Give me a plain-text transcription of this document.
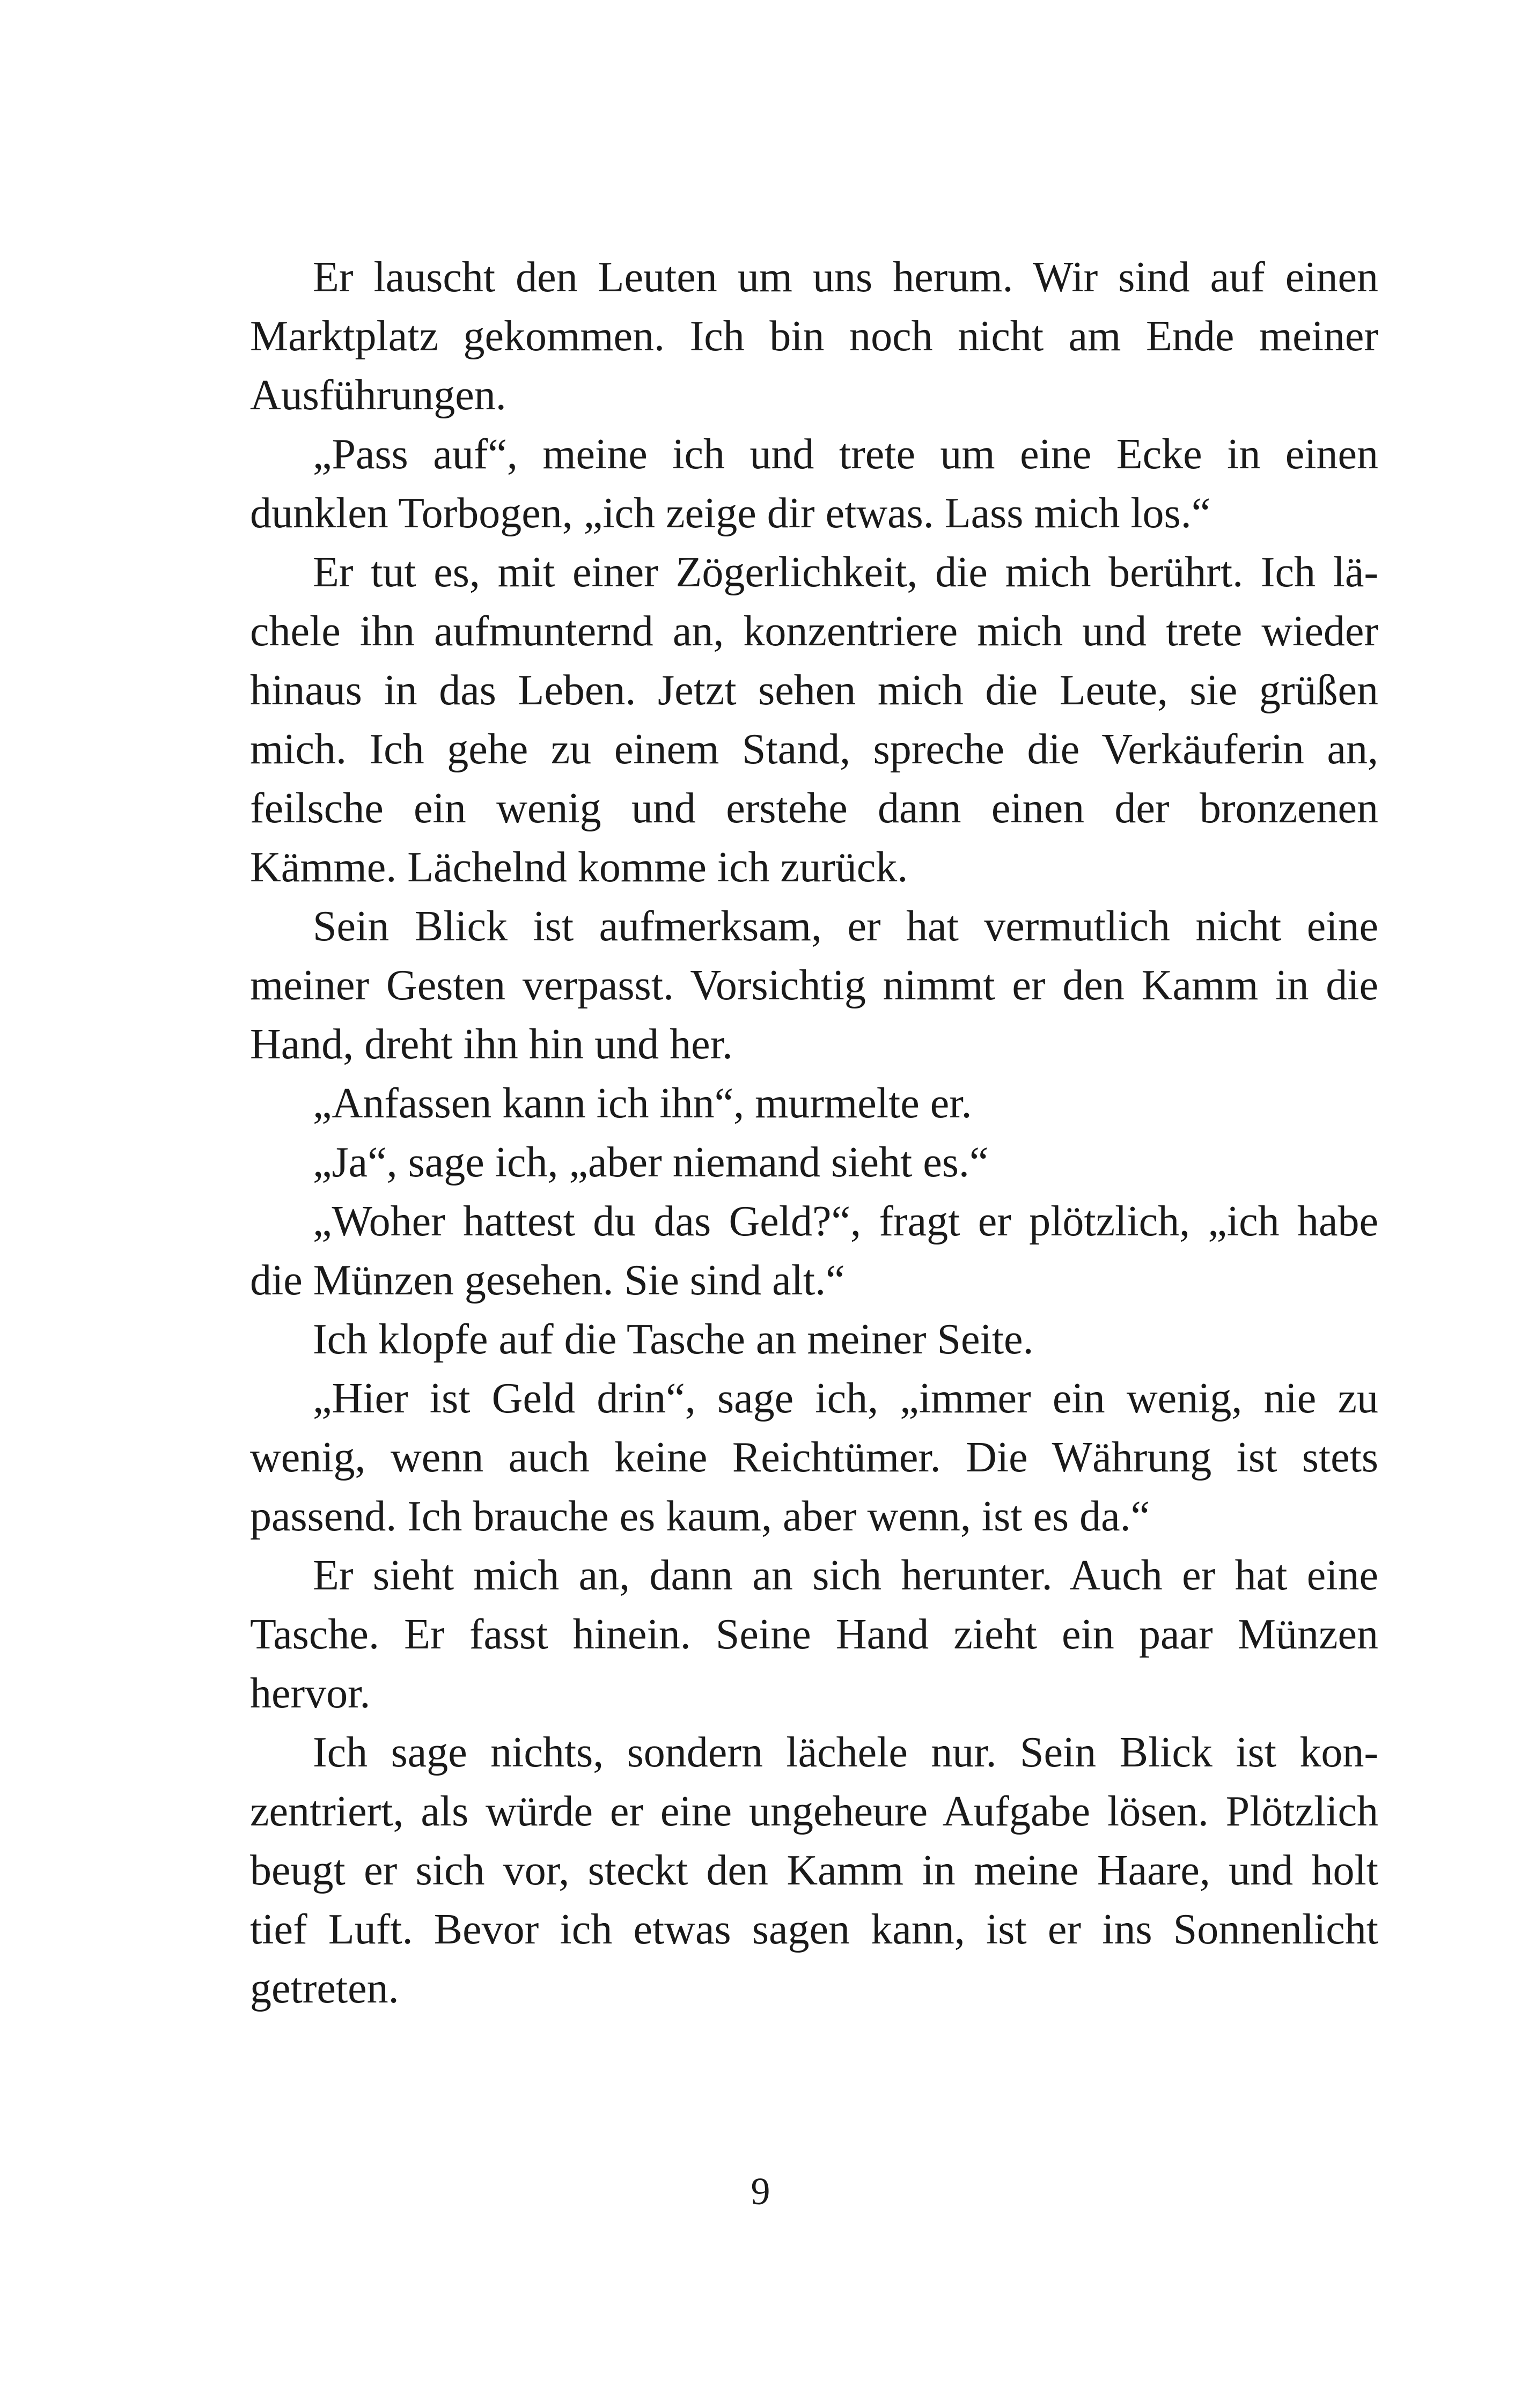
Er lauscht den Leuten um uns herum. Wir sind auf einen
Marktplatz gekommen. Ich bin noch nicht am Ende meiner
Ausführungen.
„Pass auf“, meine ich und trete um eine Ecke in einen
dunklen Torbogen, „ich zeige dir etwas. Lass mich los.“
Er tut es, mit einer Zögerlichkeit, die mich berührt. Ich lä-
chele ihn aufmunternd an, konzentriere mich und trete wieder
hinaus in das Leben. Jetzt sehen mich die Leute, sie grüßen
mich. Ich gehe zu einem Stand, spreche die Verkäuferin an,
feilsche ein wenig und erstehe dann einen der bronzenen
Kämme. Lächelnd komme ich zurück.
Sein Blick ist aufmerksam, er hat vermutlich nicht eine
meiner Gesten verpasst. Vorsichtig nimmt er den Kamm in die
Hand, dreht ihn hin und her.
„Anfassen kann ich ihn“, murmelte er.
„Ja“, sage ich, „aber niemand sieht es.“
„Woher hattest du das Geld?“, fragt er plötzlich, „ich habe
die Münzen gesehen. Sie sind alt.“
Ich klopfe auf die Tasche an meiner Seite.
„Hier ist Geld drin“, sage ich, „immer ein wenig, nie zu
wenig, wenn auch keine Reichtümer. Die Währung ist stets
passend. Ich brauche es kaum, aber wenn, ist es da.“
Er sieht mich an, dann an sich herunter. Auch er hat eine
Tasche. Er fasst hinein. Seine Hand zieht ein paar Münzen
hervor.
Ich sage nichts, sondern lächele nur. Sein Blick ist kon-
zentriert, als würde er eine ungeheure Aufgabe lösen. Plötzlich
beugt er sich vor, steckt den Kamm in meine Haare, und holt
tief Luft. Bevor ich etwas sagen kann, ist er ins Sonnenlicht
getreten.
9
